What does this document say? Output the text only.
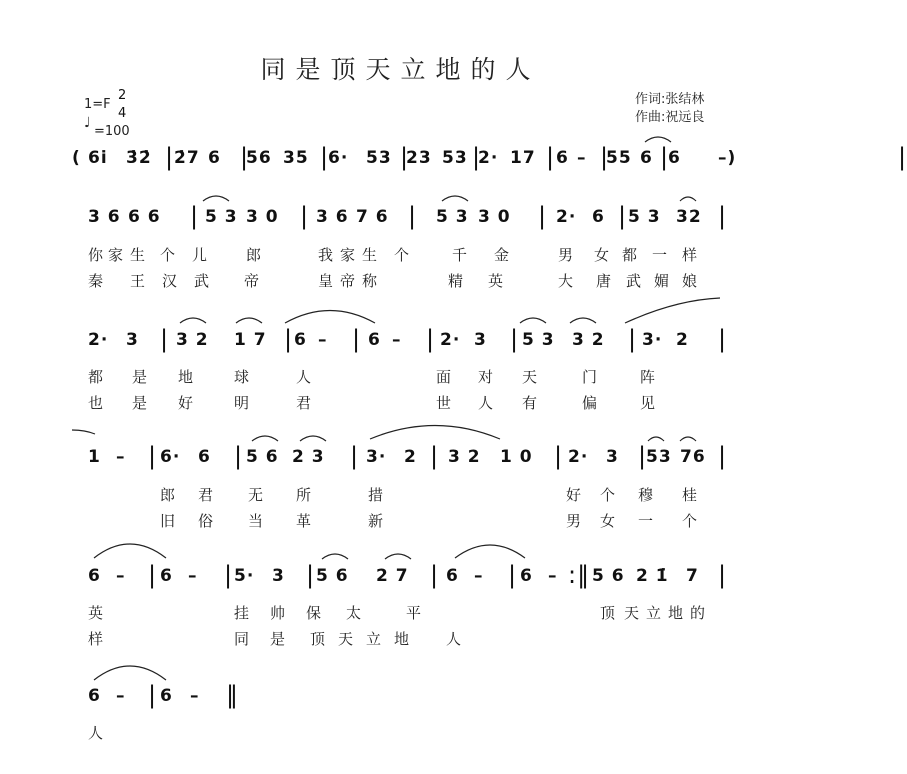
同是顶天立地的人
1=F
2
4
♩
=100
作词:张结林
作曲:祝远良
( 6i̇ 3̇2̇ | 2̇7 6 |
56 35 |
6· 53 |
23 53 |
2· 17 | 6 – |
55 6 |
6 –)	|
3 6 6 6 | 5 3 3 0 | 3 6 7 6 | 5 3 3 0 | 2· 6 | 5 3 32 |
2· 3 | 3 2 1 7 | 6 – | 6 – | 2· 3 | 5 3 3 2 | 3· 2 |
1 – | 6· 6 | 5 6 2 3 | 3· 2 | 3 2 1 0 | 2· 3 |
53 76 |
6 – | 6 – | 5· 3 | 5 6 2 7 | 6 – | 6 – :‖ 5 6 2 1̇ 7 |
6 – | 6 – ‖
你 家 生 个 儿 郎	我 家 生 个	千 金	男 女 都 一 样
秦 王 汉 武 帝	皇 帝 称	精 英	大 唐 武 媚 娘
都 是 地	球	人	面 对 天	门	阵
也 是 好	明	君	世 人 有	偏	见
郎 君 无 所	措	好 个 穆 桂
旧 俗 当 革	新	男 女 一 个
英	挂 帅 保 太	平	顶 天 立 地 的
样	同 是 顶 天 立 地 人
人
